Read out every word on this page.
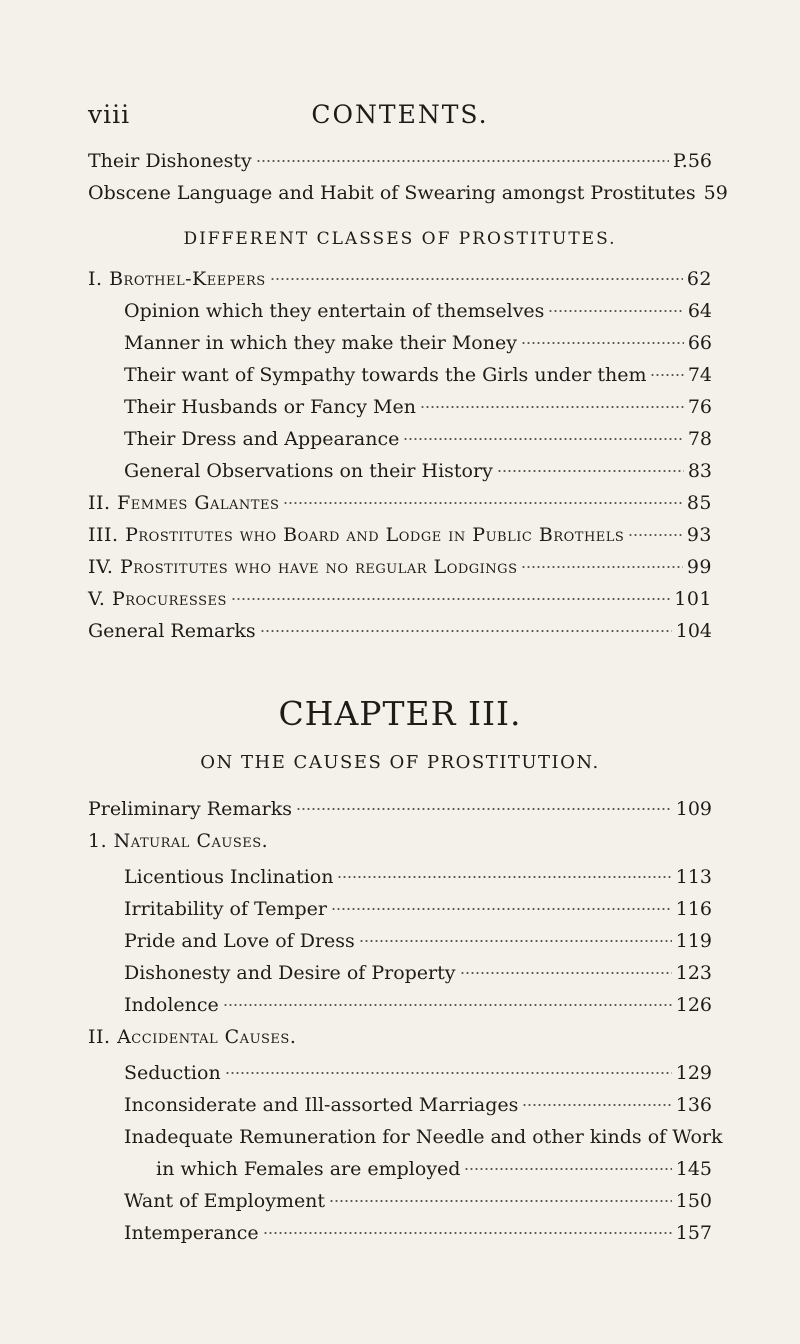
viii	CONTENTS.
Their Dishonesty	P.56
Obscene Language and Habit of Swearing amongst Prostitutes 59
DIFFERENT CLASSES OF PROSTITUTES.
I. Brothel-Keepers	62
Opinion which they entertain of themselves	64
Manner in which they make their Money	66
Their want of Sympathy towards the Girls under them 74
Their Husbands or Fancy Men	76
Their Dress and Appearance	78
General Observations on their History	83
II. Femmes Galantes	85
III. Prostitutes who Board and Lodge in Public Brothels	93
IV. Prostitutes who have no regular Lodgings	99
V. Procuresses	101
General Remarks	104
CHAPTER III.
ON THE CAUSES OF PROSTITUTION.
Preliminary Remarks	109
1. Natural Causes.
Licentious Inclination	113
Irritability of Temper	116
Pride and Love of Dress	119
Dishonesty and Desire of Property	123
Indolence	126
II. Accidental Causes.
Seduction	129
Inconsiderate and Ill-assorted Marriages	136
Inadequate Remuneration for Needle and other kinds of Work
in which Females are employed	145
Want of Employment	150
Intemperance	157
